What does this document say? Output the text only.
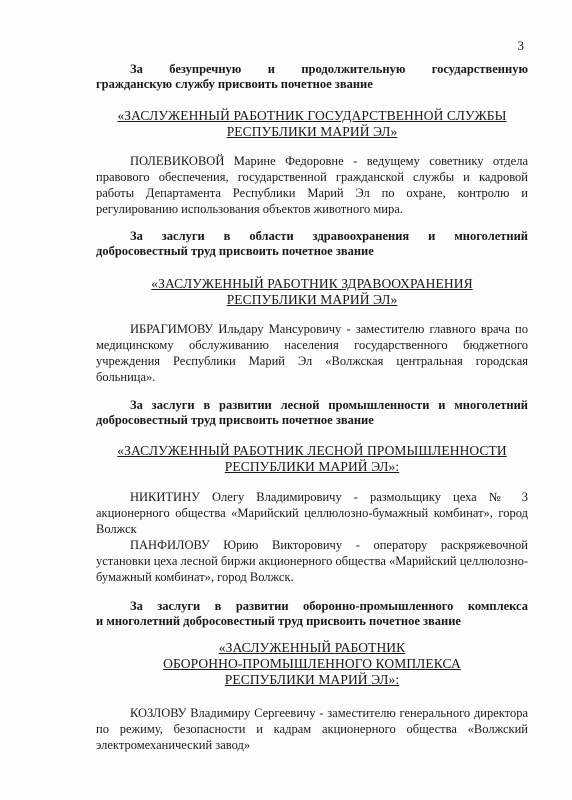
3
За безупречную и продолжительную государственную
гражданскую службу присвоить почетное звание
«ЗАСЛУЖЕННЫЙ РАБОТНИК ГОСУДАРСТВЕННОЙ СЛУЖБЫ
РЕСПУБЛИКИ МАРИЙ ЭЛ»

ПОЛЕВИКОВОЙ Марине Федоровне - ведущему советнику отдела правового обеспечения, государственной гражданской службы и кадровой работы Департамента Республики Марий Эл по охране, контролю и регулированию использования объектов животного мира.

За заслуги в области здравоохранения и многолетний
добросовестный труд присвоить почетное звание
«ЗАСЛУЖЕННЫЙ РАБОТНИК ЗДРАВООХРАНЕНИЯ
РЕСПУБЛИКИ МАРИЙ ЭЛ»

ИБРАГИМОВУ Ильдару Мансуровичу - заместителю главного врача по медицинскому обслуживанию населения государственного бюджетного учреждения Республики Марий Эл «Волжская центральная городская больница».

За заслуги в развитии лесной промышленности и многолетний
добросовестный труд присвоить почетное звание
«ЗАСЛУЖЕННЫЙ РАБОТНИК ЛЕСНОЙ ПРОМЫШЛЕННОСТИ
РЕСПУБЛИКИ МАРИЙ ЭЛ»:

НИКИТИНУ Олегу Владимировичу - размольщику цеха № 3 акционерного общества «Марийский целлюлозно-бумажный комбинат», город Волжск

ПАНФИЛОВУ Юрию Викторовичу - оператору раскряжевочной установки цеха лесной биржи акционерного общества «Марийский целлюлозно-бумажный комбинат», город Волжск.

За заслуги в развитии оборонно-промышленного комплекса
и многолетний добросовестный труд присвоить почетное звание
«ЗАСЛУЖЕННЫЙ РАБОТНИК
ОБОРОННО-ПРОМЫШЛЕННОГО КОМПЛЕКСА
РЕСПУБЛИКИ МАРИЙ ЭЛ»:

КОЗЛОВУ Владимиру Сергеевичу - заместителю генерального директора по режиму, безопасности и кадрам акционерного общества «Волжский электромеханический завод»
